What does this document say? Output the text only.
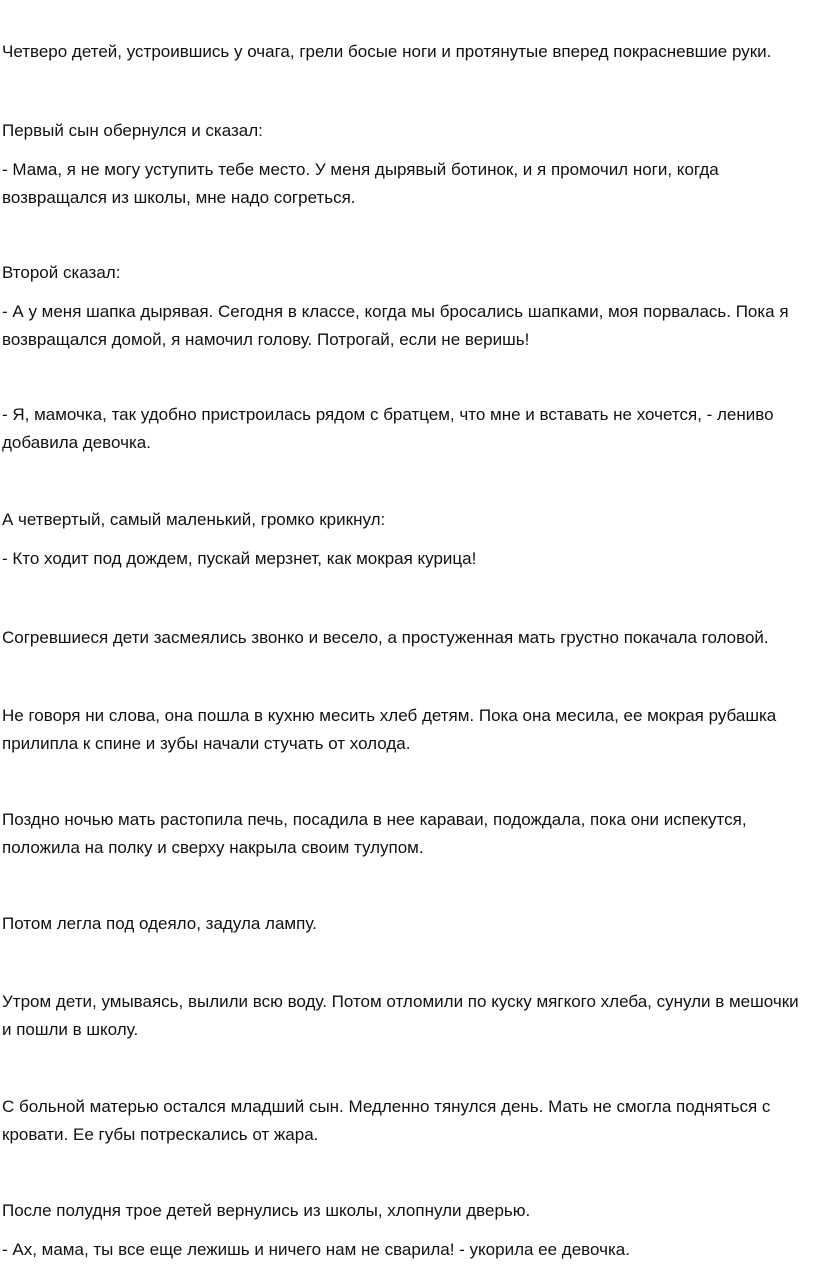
Четверо детей, устроившись у очага, грели босые ноги и протянутые вперед покрасневшие руки.

Первый сын обернулся и сказал:

- Мама, я не могу уступить тебе место. У меня дырявый ботинок, и я промочил ноги, когда возвращался из школы, мне надо согреться.

Второй сказал:

- А у меня шапка дырявая. Сегодня в классе, когда мы бросались шапками, моя порвалась. Пока я возвращался домой, я намочил голову. Потрогай, если не веришь!

- Я, мамочка, так удобно пристроилась рядом с братцем, что мне и вставать не хочется, - лениво добавила девочка.

А четвертый, самый маленький, громко крикнул:

- Кто ходит под дождем, пускай мерзнет, как мокрая курица!

Согревшиеся дети засмеялись звонко и весело, а простуженная мать грустно покачала головой.

Не говоря ни слова, она пошла в кухню месить хлеб детям. Пока она месила, ее мокрая рубашка прилипла к спине и зубы начали стучать от холода.

Поздно ночью мать растопила печь, посадила в нее караваи, подождала, пока они испекутся, положила на полку и сверху накрыла своим тулупом.

Потом легла под одеяло, задула лампу.

Утром дети, умываясь, вылили всю воду. Потом отломили по куску мягкого хлеба, сунули в мешочки и пошли в школу.

С больной матерью остался младший сын. Медленно тянулся день. Мать не смогла подняться с кровати. Ее губы потрескались от жара.

После полудня трое детей вернулись из школы, хлопнули дверью.

- Ах, мама, ты все еще лежишь и ничего нам не сварила! - укорила ее девочка.
